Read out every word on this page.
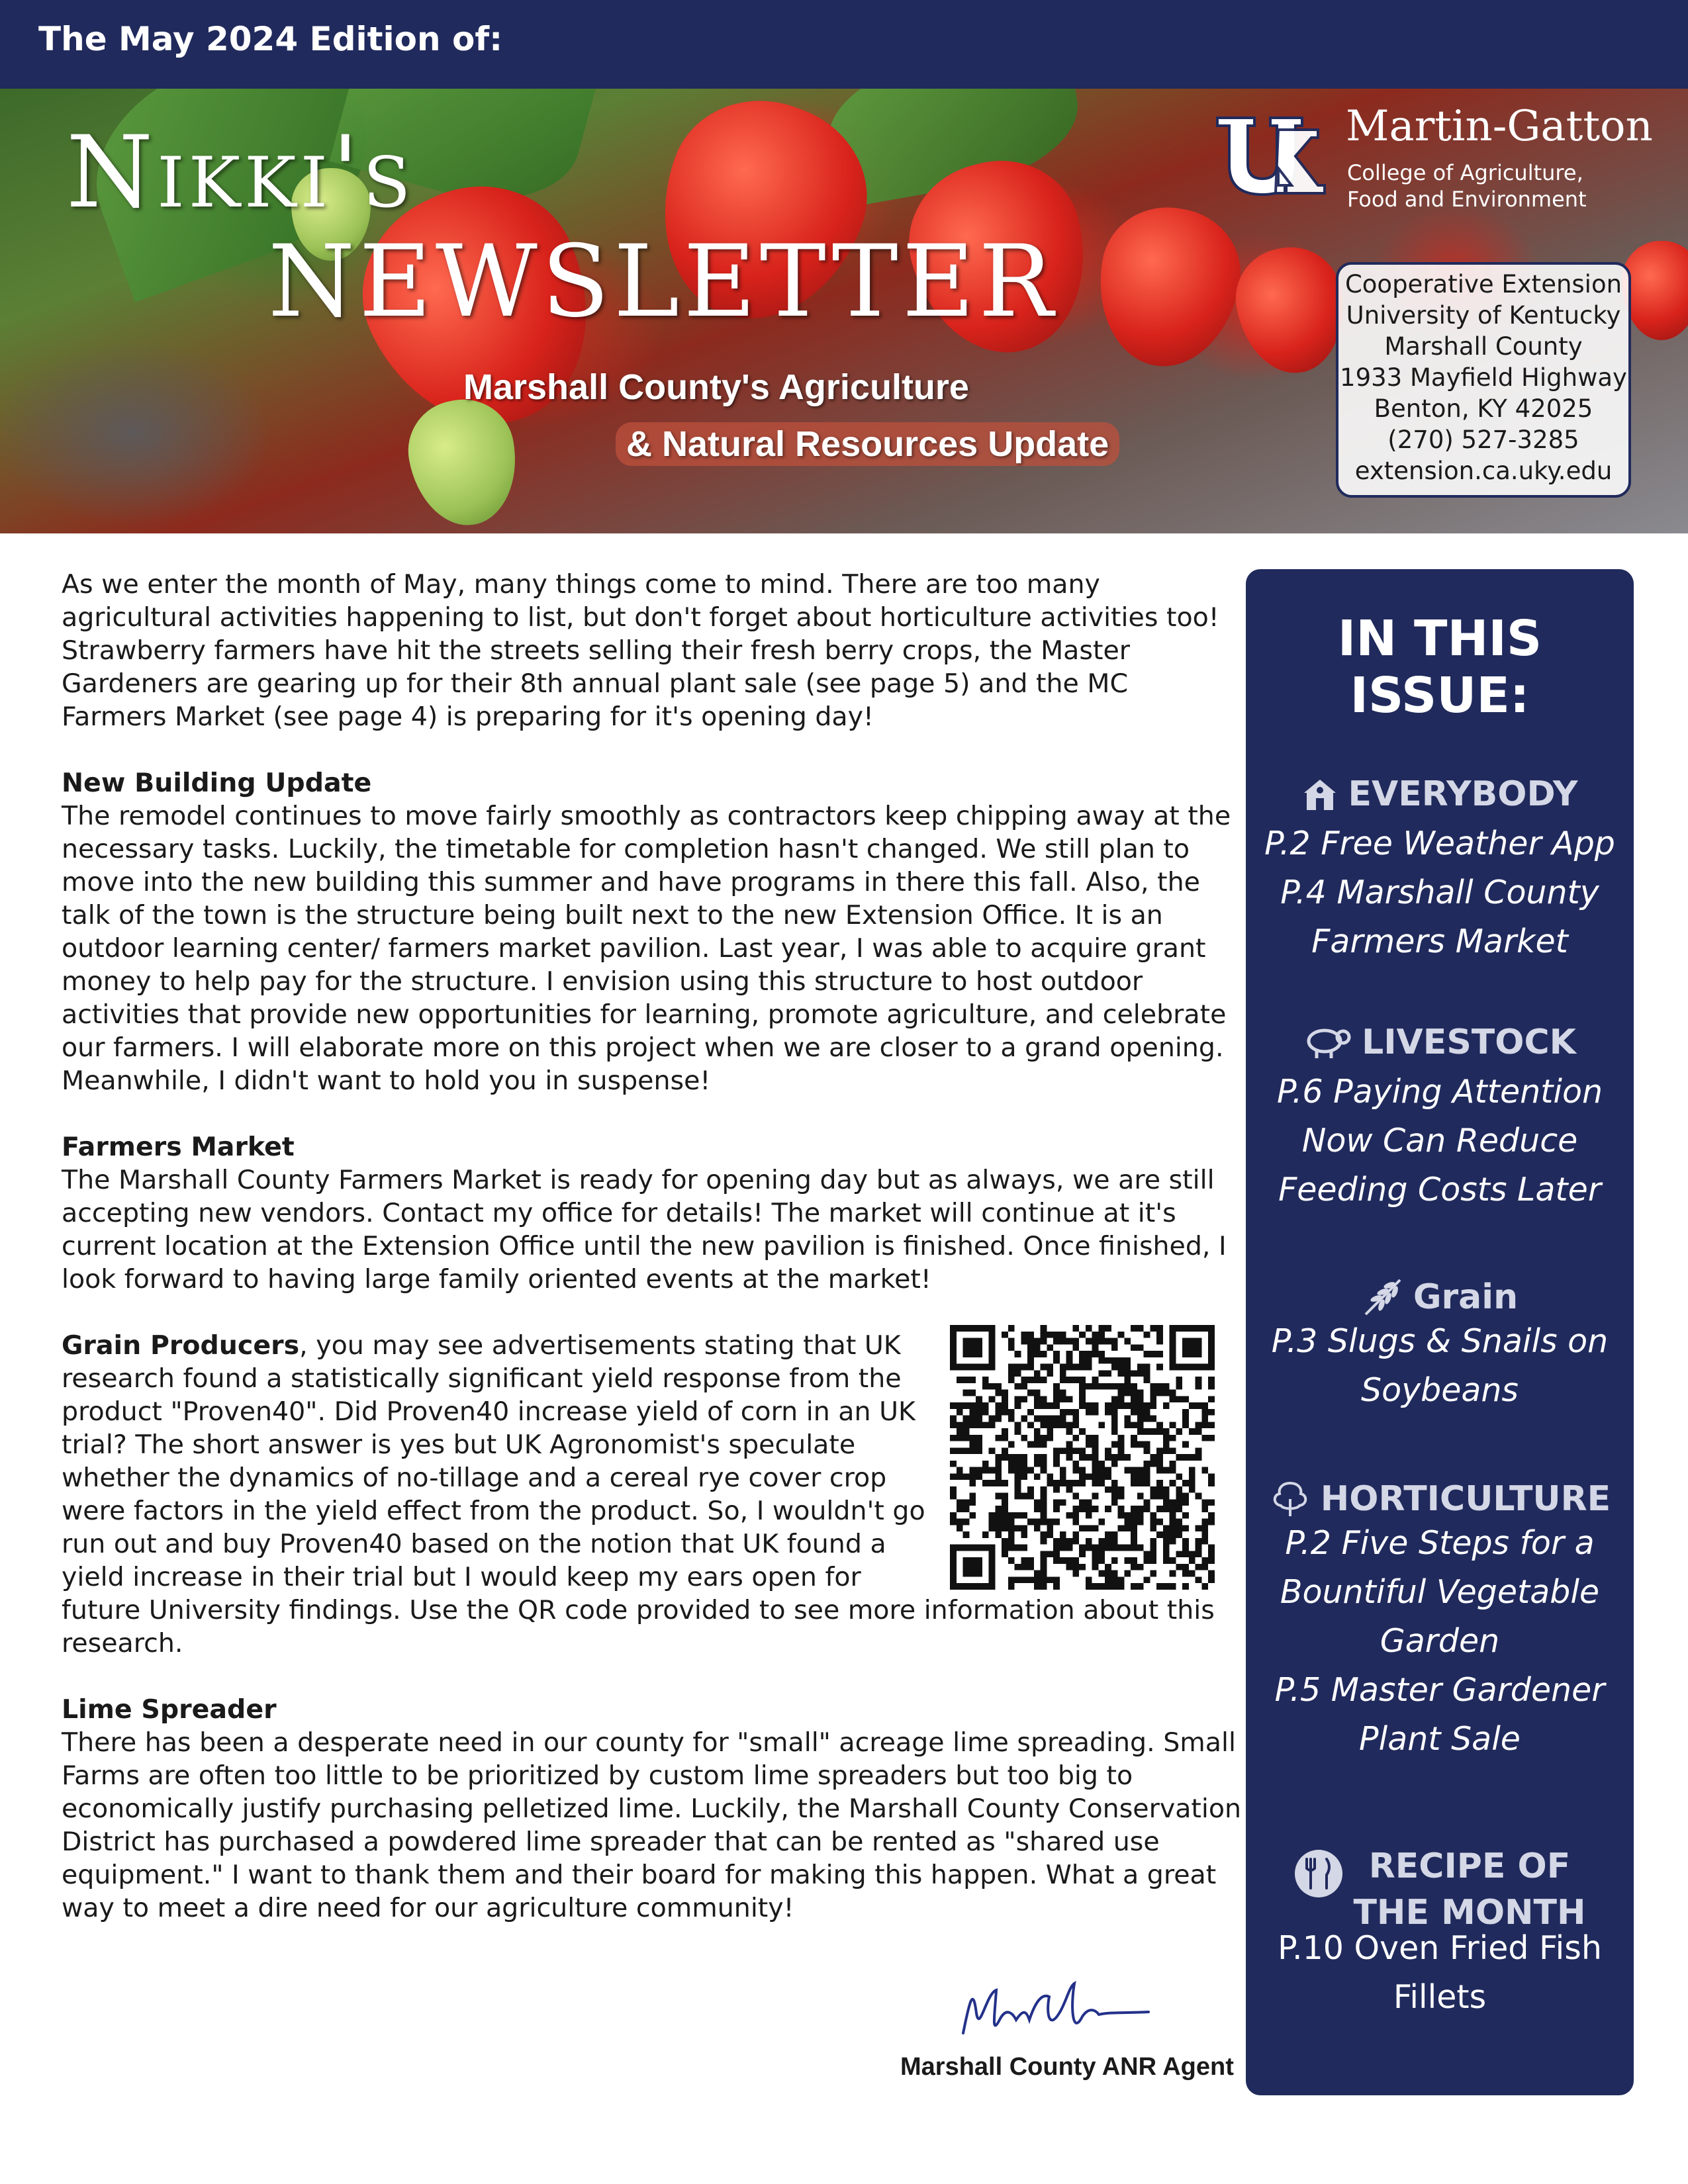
The May 2024 Edition of:
Nikki's
NEWSLETTER
Marshall County's Agriculture
& Natural Resources Update
Martin-Gatton
College of Agriculture,
Food and Environment
Cooperative Extension
University of Kentucky
Marshall County
1933 Mayfield Highway
Benton, KY 42025
(270) 527-3285
extension.ca.uky.edu

As we enter the month of May, many things come to mind. There are too many agricultural activities happening to list, but don't forget about horticulture activities too! Strawberry farmers have hit the streets selling their fresh berry crops, the Master Gardeners are gearing up for their 8th annual plant sale (see page 5) and the MC Farmers Market (see page 4) is preparing for it's opening day!

New Building Update
The remodel continues to move fairly smoothly as contractors keep chipping away at the necessary tasks. Luckily, the timetable for completion hasn't changed. We still plan to move into the new building this summer and have programs in there this fall. Also, the talk of the town is the structure being built next to the new Extension Office. It is an outdoor learning center/ farmers market pavilion. Last year, I was able to acquire grant money to help pay for the structure. I envision using this structure to host outdoor activities that provide new opportunities for learning, promote agriculture, and celebrate our farmers. I will elaborate more on this project when we are closer to a grand opening. Meanwhile, I didn't want to hold you in suspense!

Farmers Market
The Marshall County Farmers Market is ready for opening day but as always, we are still accepting new vendors. Contact my office for details! The market will continue at it's current location at the Extension Office until the new pavilion is finished. Once finished, I look forward to having large family oriented events at the market!

Grain Producers, you may see advertisements stating that UK research found a statistically significant yield response from the product "Proven40". Did Proven40 increase yield of corn in an UK trial? The short answer is yes but UK Agronomist's speculate whether the dynamics of no-tillage and a cereal rye cover crop were factors in the yield effect from the product. So, I wouldn't go run out and buy Proven40 based on the notion that UK found a yield increase in their trial but I would keep my ears open for

future University findings. Use the QR code provided to see more information about this research.

Lime Spreader
There has been a desperate need in our county for "small" acreage lime spreading. Small Farms are often too little to be prioritized by custom lime spreaders but too big to economically justify purchasing pelletized lime. Luckily, the Marshall County Conservation District has purchased a powdered lime spreader that can be rented as "shared use equipment." I want to thank them and their board for making this happen. What a great way to meet a dire need for our agriculture community!

Marshall County ANR Agent
IN THIS
ISSUE:
EVERYBODY
P.2 Free Weather App
P.4 Marshall County
Farmers Market
LIVESTOCK
P.6 Paying Attention
Now Can Reduce
Feeding Costs Later
Grain
P.3 Slugs & Snails on
Soybeans
HORTICULTURE
P.2 Five Steps for a
Bountiful Vegetable
Garden
P.5 Master Gardener
Plant Sale
RECIPE OF
THE MONTH
P.10 Oven Fried Fish
Fillets
